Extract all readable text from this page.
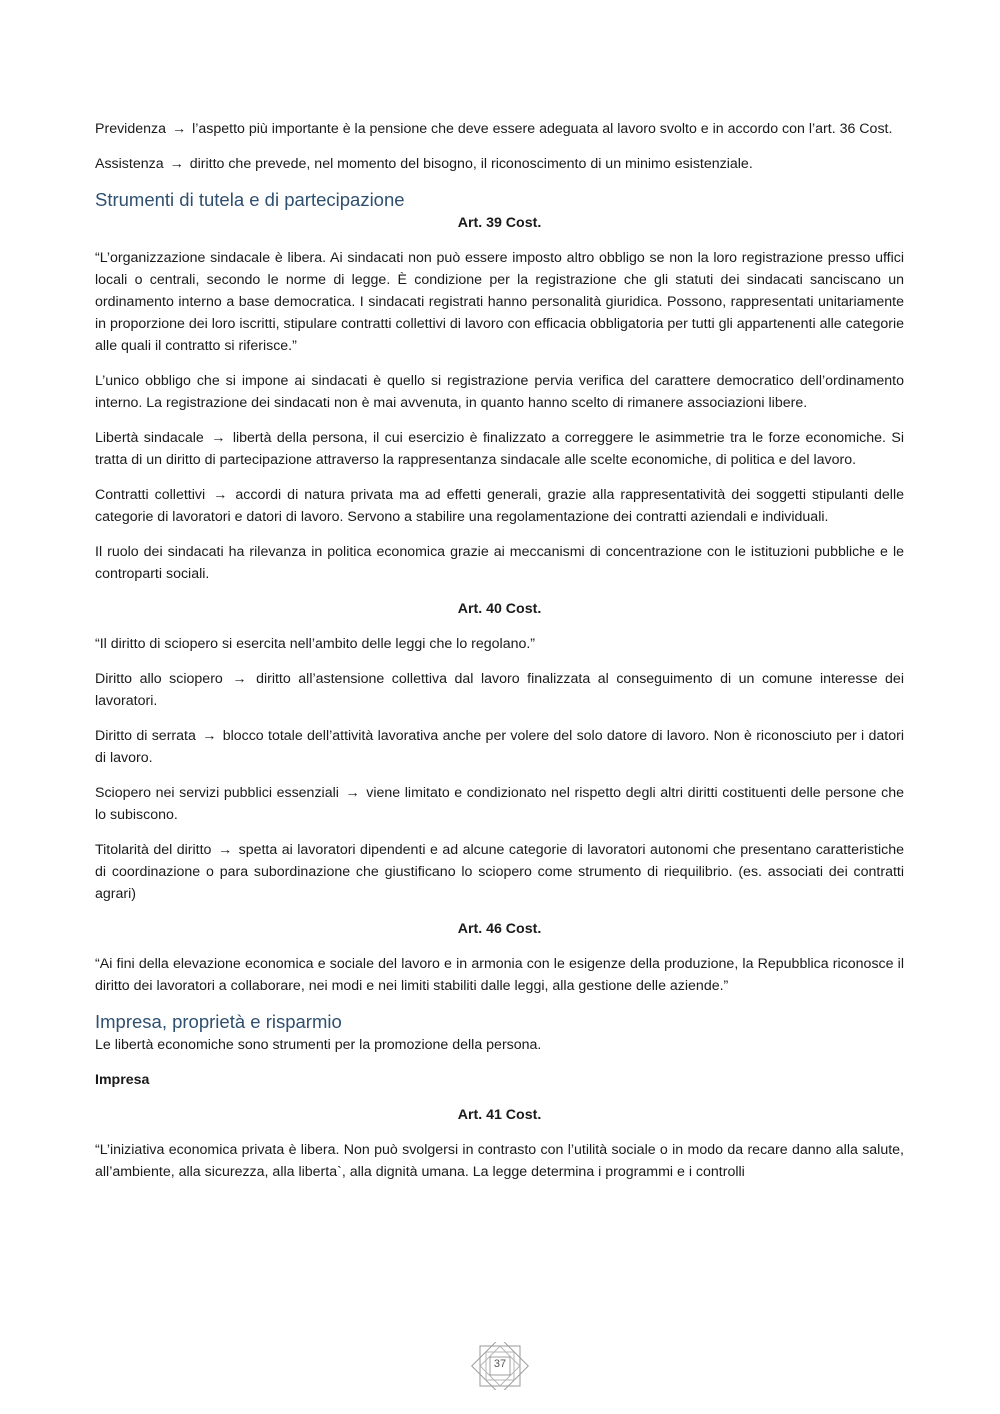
Previdenza → l’aspetto più importante è la pensione che deve essere adeguata al lavoro svolto e in accordo con l’art. 36 Cost.

Assistenza → diritto che prevede, nel momento del bisogno, il riconoscimento di un minimo esistenziale.

Strumenti di tutela e di partecipazione

Art. 39 Cost.

“L’organizzazione sindacale è libera. Ai sindacati non può essere imposto altro obbligo se non la loro registrazione presso uffici locali o centrali, secondo le norme di legge. È condizione per la registrazione che gli statuti dei sindacati sanciscano un ordinamento interno a base democratica. I sindacati registrati hanno personalità giuridica. Possono, rappresentati unitariamente in proporzione dei loro iscritti, stipulare contratti collettivi di lavoro con efficacia obbligatoria per tutti gli appartenenti alle categorie alle quali il contratto si riferisce.”

L’unico obbligo che si impone ai sindacati è quello si registrazione pervia verifica del carattere democratico dell’ordinamento interno. La registrazione dei sindacati non è mai avvenuta, in quanto hanno scelto di rimanere associazioni libere.

Libertà sindacale → libertà della persona, il cui esercizio è finalizzato a correggere le asimmetrie tra le forze economiche. Si tratta di un diritto di partecipazione attraverso la rappresentanza sindacale alle scelte economiche, di politica e del lavoro.

Contratti collettivi → accordi di natura privata ma ad effetti generali, grazie alla rappresentatività dei soggetti stipulanti delle categorie di lavoratori e datori di lavoro. Servono a stabilire una regolamentazione dei contratti aziendali e individuali.

Il ruolo dei sindacati ha rilevanza in politica economica grazie ai meccanismi di concentrazione con le istituzioni pubbliche e le controparti sociali.

Art. 40 Cost.

“Il diritto di sciopero si esercita nell’ambito delle leggi che lo regolano.”

Diritto allo sciopero → diritto all’astensione collettiva dal lavoro finalizzata al conseguimento di un comune interesse dei lavoratori.

Diritto di serrata → blocco totale dell’attività lavorativa anche per volere del solo datore di lavoro. Non è riconosciuto per i datori di lavoro.

Sciopero nei servizi pubblici essenziali → viene limitato e condizionato nel rispetto degli altri diritti costituenti delle persone che lo subiscono.

Titolarità del diritto → spetta ai lavoratori dipendenti e ad alcune categorie di lavoratori autonomi che presentano caratteristiche di coordinazione o para subordinazione che giustificano lo sciopero come strumento di riequilibrio. (es. associati dei contratti agrari)

Art. 46 Cost.

“Ai fini della elevazione economica e sociale del lavoro e in armonia con le esigenze della produzione, la Repubblica riconosce il diritto dei lavoratori a collaborare, nei modi e nei limiti stabiliti dalle leggi, alla gestione delle aziende.”

Impresa, proprietà e risparmio

Le libertà economiche sono strumenti per la promozione della persona.

Impresa

Art. 41 Cost.

“L’iniziativa economica privata è libera. Non può svolgersi in contrasto con l’utilità sociale o in modo da recare danno alla salute, all’ambiente, alla sicurezza, alla liberta`, alla dignità umana. La legge determina i programmi e i controlli

37
